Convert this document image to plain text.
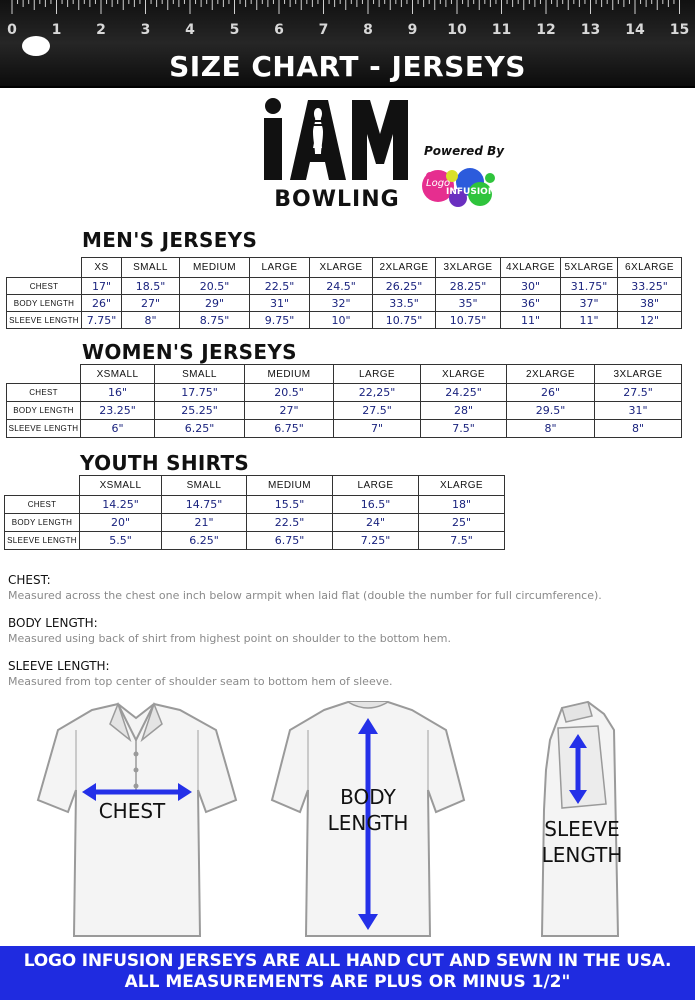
0	1	2	3	4	5	6	7	8	9	10 11 12 13 14 15
SIZE CHART - JERSEYS
BOWLING
Powered By
Logo
INFUSION
MEN'S JERSEYS
	XS	SMALL	MEDIUM	LARGE	XLARGE	2XLARGE	3XLARGE	4XLARGE	5XLARGE	6XLARGE
CHEST	17"	18.5"	20.5"	22.5"	24.5"	26.25"	28.25"	30"	31.75"	33.25"
BODY LENGTH	26"	27"	29"	31"	32"	33.5"	35"	36"	37"	38"
SLEEVE LENGTH	7.75"	8"	8.75"	9.75"	10"	10.75"	10.75"	11"	11"	12"
WOMEN'S JERSEYS
	XSMALL	SMALL	MEDIUM	LARGE	XLARGE	2XLARGE	3XLARGE
CHEST	16"	17.75"	20.5"	22,25"	24.25"	26"	27.5"
BODY LENGTH	23.25"	25.25"	27"	27.5"	28"	29.5"	31"
SLEEVE LENGTH	6"	6.25"	6.75"	7"	7.5"	8"	8"
YOUTH SHIRTS
	XSMALL	SMALL	MEDIUM	LARGE	XLARGE
CHEST	14.25"	14.75"	15.5"	16.5"	18"
BODY LENGTH	20"	21"	22.5"	24"	25"
SLEEVE LENGTH	5.5"	6.25"	6.75"	7.25"	7.5"
CHEST:
Measured across the chest one inch below armpit when laid flat (double the number for full circumference).
BODY LENGTH:
Measured using back of shirt from highest point on shoulder to the bottom hem.
SLEEVE LENGTH:
Measured from top center of shoulder seam to bottom hem of sleeve.
CHEST
BODY
LENGTH	SLEEVE
LENGTH
LOGO INFUSION JERSEYS ARE ALL HAND CUT AND SEWN IN THE USA.
ALL MEASUREMENTS ARE PLUS OR MINUS 1/2"
